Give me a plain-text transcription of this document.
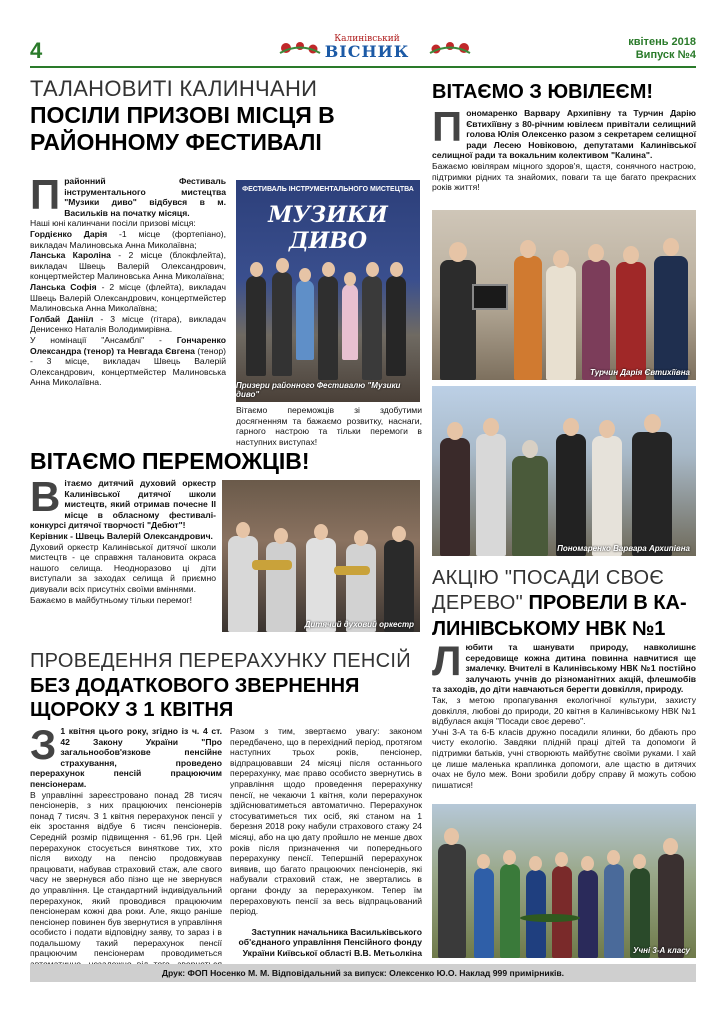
4	Калинівський
ВІСНИК	квітень 2018
Випуск №4
ТАЛАНОВИТІ КАЛИНЧАНИ
ПОСІЛИ ПРИЗОВІ МІСЦЯ В
РАЙОННОМУ ФЕСТИВАЛІ
П районний Фестиваль інструментального мистецтва "Музики диво" відбувся в м. Васильків на початку місяця.
Наші юні калинчани посіли призові місця:
Гордієнко Дарія -1 місце (фортепіано), викладач Малиновська Анна Миколаївна;
Ланська Кароліна - 2 місце (блокфлейта), викладач Швець Валерій Олександрович, концертмейстер Малиновська Анна Миколаївна;
Ланська Софія - 2 місце (флейта), викладач Швець Валерій Олександрович, концертмейстер Малиновська Анна Миколаївна;
Голбай Данііл - 3 місце (гітара), викладач Денисенко Наталія Володимирівна.
У номінації "Ансамблі" - Гончаренко Олександра (тенор) та Невгада Євгена (тенор) - 3 місце, викладач Швець Валерій Олександрович, концертмейстер Малиновська Анна Миколаївна.
ФЕСТИВАЛЬ ІНСТРУМЕНТАЛЬНОГО МИСТЕЦТВА
МУЗИКИ ДИВО
Призери районного Фестивалю "Музики диво"
Вітаємо переможців зі здобутими досягненням та бажаємо розвитку, наснаги, гарного настрою та тільки перемоги в наступних виступах!
ВІТАЄМО ПЕРЕМОЖЦІВ!
В ітаємо дитячий духовий оркестр Калинівської дитячої школи мистецтв, який отримав почесне ІІ місце в обласному фестивалі-конкурсі дитячої творчості "Дебют"!
Керівник - Швець Валерій Олександрович.
Духовий оркестр Калинівської дитячої школи мистецтв - це справжня талановита окраса нашого селища. Неодноразово ці діти виступали за заходах селища й приємно дивували всіх присутніх своїми вміннями.
Бажаємо в майбутньому тільки перемог!
Дитячий духовий оркестр
ПРОВЕДЕННЯ ПЕРЕРАХУНКУ ПЕНСІЙ
БЕЗ ДОДАТКОВОГО ЗВЕРНЕННЯ
ЩОРОКУ З 1 КВІТНЯ
З 1 квітня цього року, згідно із ч. 4 ст. 42 Закону України "Про загальнообов'язкове пенсійне страхування, проведено перерахунок пенсій працюючим пенсіонерам.
В управлінні зареєстровано понад 28 тисяч пенсіонерів, з них працюючих пенсіонерів понад 7 тисяч. З 1 квітня перерахунок пенсії у еік зростання відбуе 6 тисяч пенсіонерів. Середній розмір підвищення - 61,96 грн. Цей перерахунок стосується виняткове тих, хто після виходу на пенсію продовжував працювати, набував страховий стаж, але свого часу не звернувся або пізно ще не звернувся до управління. Це стандартний індивідуальний перерахунок, який проводився працюючим пенсіонерам кожні два роки. Але, якщо раніше пенсіонер повинен був звернутися в управління особисто і подати відповідну заяву, то зараз і в подальшому такий перерахунок пенсії працюючим пенсіонерам проводиметься
Разом з тим, звертаємо увагу: законом передбачено, що в перехідний період, протягом наступних трьох років, пенсіонер, відпрацювавши 24 місяці після останнього перерахунку, має право особисто звернутись в управління щодо проведення перерахунку пенсії, не чекаючи 1 квітня, коли перерахунок здійснюватиметься автоматично. Перерахунок стосуватиметься тих осіб, які станом на 1 березня 2018 року набули страхового стажу 24 місяці, або на цю дату пройшло не менше двох років після призначення чи попереднього перерахунку пенсії. Тепершній перерахунок виявив, що багато працюючих пенсіонерів, які набували страховий стаж, не звертались в органи фонду за перерахунком. Тепер їм перераховують пенсії за весь відпрацьований період.
Заступник начальника Васильківського об'єднаного управління Пенсійного фонду України Київської області В.В. Метьолкіна
ВІТАЄМО З ЮВІЛЕЄМ!
П ономаренко Варвару Архипівну та Турчин Дарію Євтихіївну з 80-річним ювілеєм привітали селищний голова Юлія Олексенко разом з секретарем селищної ради Лесею Новіковою, депутатами Калинівської селищної ради та вокальним колективом "Калина".
Бажаємо ювілярам міцного здоров'я, щастя, сонячного настрою, підтримки рідних та знайомих, поваги та ще багато прекрасних років життя!
Турчин Дарія Євтихіївна
Пономаренко Варвара Архипівна
АКЦІЮ "ПОСАДИ СВОЄ
ДЕРЕВО" ПРОВЕЛИ В КА-
ЛИНІВСЬКОМУ НВК №1
Л юбити та шанувати природу, навколишнє середовище кожна дитина повинна навчитися ще змалечку. Вчителі в Калинівському НВК №1 постійно залучають учнів до різноманітних акцій, флешмобів та заходів, до діти навчаються берегти довкілля, природу.
Так, з метою пропагування екологічної культури, захисту довкілля, любові до природи, 20 квітня в Калинівському НВК №1 відбулася акція "Посади своє дерево".
Учні 3-А та 6-Б класів дружно посадили ялинки, бо дбають про чисту екологію. Завдяки плідній праці дітей та допомоги й підтримки батьків, учні створюють майбутнє своїми руками. І хай це лише маленька краплинка допомоги, але щастю в дитячих очах не було меж. Вони зробили добру справу й можуть собою пишатися!
Учні 3-А класу
Друк: ФОП Носенко М. М. Відповідальний за випуск: Олексенко Ю.О. Наклад 999 примірників.
